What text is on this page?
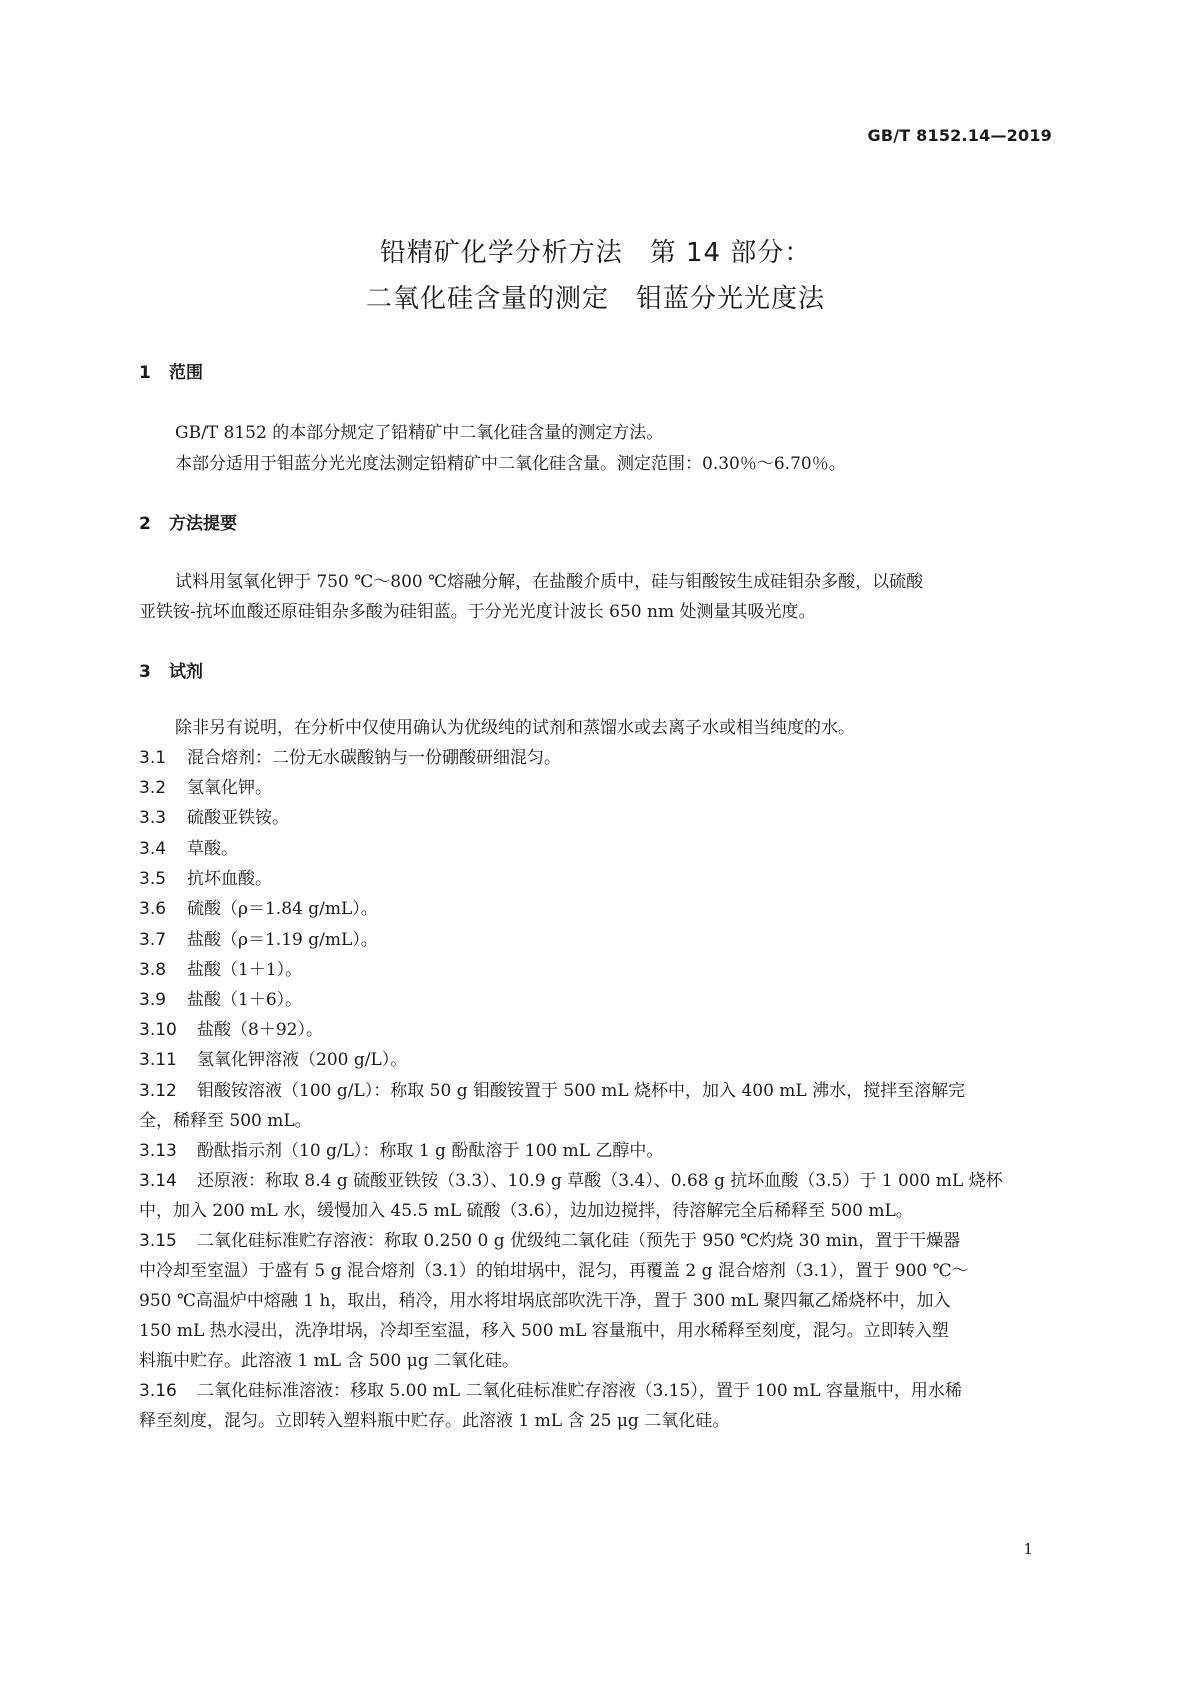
GB/T 8152.14—2019
铅精矿化学分析方法　第 14 部分：
二氧化硅含量的测定　钼蓝分光光度法
1 范围
GB/T 8152 的本部分规定了铅精矿中二氧化硅含量的测定方法。
本部分适用于钼蓝分光光度法测定铅精矿中二氧化硅含量。测定范围：0.30％～6.70％。
2 方法提要
试料用氢氧化钾于 750 ℃～800 ℃熔融分解，在盐酸介质中，硅与钼酸铵生成硅钼杂多酸，以硫酸
亚铁铵-抗坏血酸还原硅钼杂多酸为硅钼蓝。于分光光度计波长 650 nm 处测量其吸光度。
3 试剂
除非另有说明，在分析中仅使用确认为优级纯的试剂和蒸馏水或去离子水或相当纯度的水。
3.1 混合熔剂：二份无水碳酸钠与一份硼酸研细混匀。
3.2 氢氧化钾。
3.3 硫酸亚铁铵。
3.4 草酸。
3.5 抗坏血酸。
3.6 硫酸（ρ＝1.84 g/mL）。
3.7 盐酸（ρ＝1.19 g/mL）。
3.8 盐酸（1＋1）。
3.9 盐酸（1＋6）。
3.10 盐酸（8＋92）。
3.11 氢氧化钾溶液（200 g/L）。
3.12 钼酸铵溶液（100 g/L）：称取 50 g 钼酸铵置于 500 mL 烧杯中，加入 400 mL 沸水，搅拌至溶解完
全，稀释至 500 mL。
3.13 酚酞指示剂（10 g/L）：称取 1 g 酚酞溶于 100 mL 乙醇中。
3.14 还原液：称取 8.4 g 硫酸亚铁铵（3.3）、10.9 g 草酸（3.4）、0.68 g 抗坏血酸（3.5）于 1 000 mL 烧杯
中，加入 200 mL 水，缓慢加入 45.5 mL 硫酸（3.6），边加边搅拌，待溶解完全后稀释至 500 mL。
3.15 二氧化硅标准贮存溶液：称取 0.250 0 g 优级纯二氧化硅（预先于 950 ℃灼烧 30 min，置于干燥器
中冷却至室温）于盛有 5 g 混合熔剂（3.1）的铂坩埚中，混匀，再覆盖 2 g 混合熔剂（3.1），置于 900 ℃～
950 ℃高温炉中熔融 1 h，取出，稍冷，用水将坩埚底部吹洗干净，置于 300 mL 聚四氟乙烯烧杯中，加入
150 mL 热水浸出，洗净坩埚，冷却至室温，移入 500 mL 容量瓶中，用水稀释至刻度，混匀。立即转入塑
料瓶中贮存。此溶液 1 mL 含 500 μg 二氧化硅。
3.16 二氧化硅标准溶液：移取 5.00 mL 二氧化硅标准贮存溶液（3.15），置于 100 mL 容量瓶中，用水稀
释至刻度，混匀。立即转入塑料瓶中贮存。此溶液 1 mL 含 25 μg 二氧化硅。
1
